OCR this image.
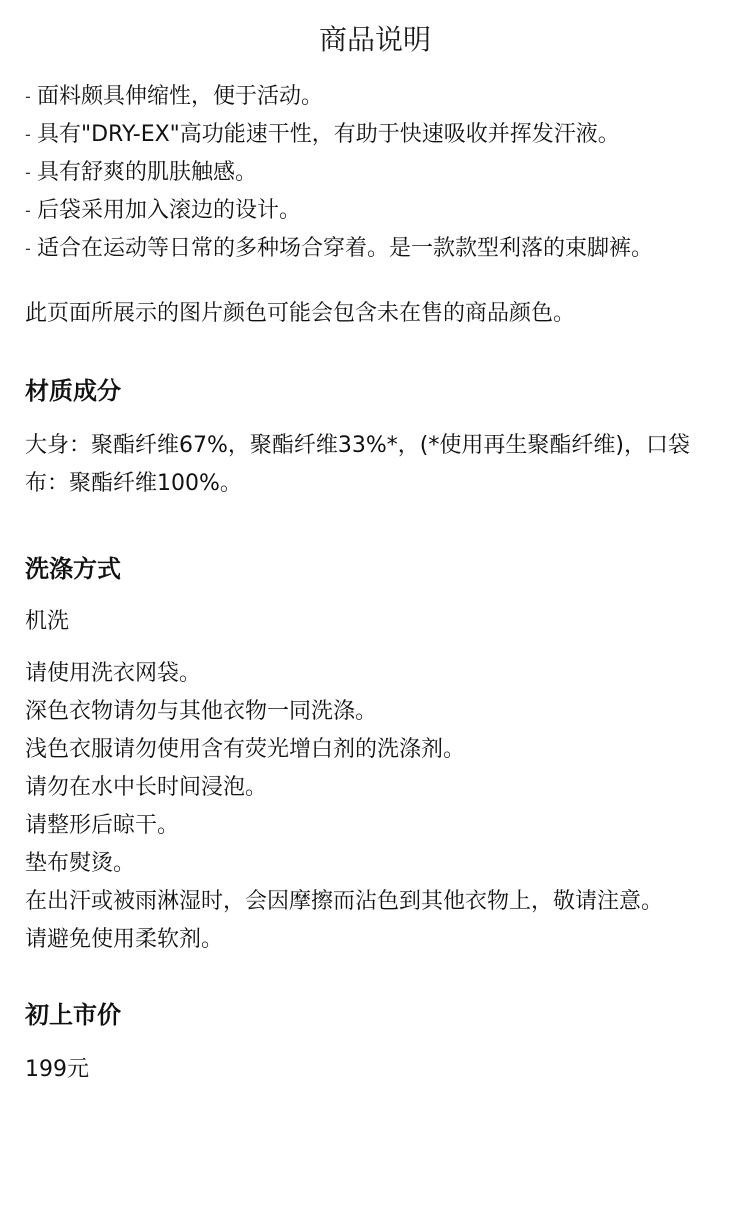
商品说明
- 面料颇具伸缩性，便于活动。
- 具有"DRY-EX"高功能速干性，有助于快速吸收并挥发汗液。
- 具有舒爽的肌肤触感。
- 后袋采用加入滚边的设计。
- 适合在运动等日常的多种场合穿着。是一款款型利落的束脚裤。

此页面所展示的图片颜色可能会包含未在售的商品颜色。

材质成分

大身：聚酯纤维67%，聚酯纤维33%*，(*使用再生聚酯纤维)，口袋布：聚酯纤维100%。

洗涤方式

机洗

请使用洗衣网袋。
深色衣物请勿与其他衣物一同洗涤。
浅色衣服请勿使用含有荧光增白剂的洗涤剂。
请勿在水中长时间浸泡。
请整形后晾干。
垫布熨烫。
在出汗或被雨淋湿时，会因摩擦而沾色到其他衣物上，敬请注意。
请避免使用柔软剂。
初上市价

199元
